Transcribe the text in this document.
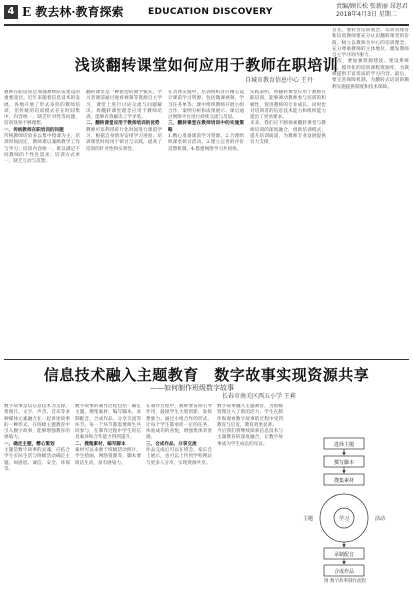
4 E 教去林·教育探索	EDUCATION DISCOVERY
责编/顾长松 张新丽 昂思君
2018年4月3日 星期二
浅谈翻转课堂如何应用于教师在职培训
自城市教育信息中心 王丹
教师在职培训是加强教师队伍建设的重要途径。近年来随着信息技术的发展，各地开展了形式多样的教师培训，但传统的培训模式存在时间集中、内容统一、缺乏针对性等问题，培训效果不够理想。
一、传统教师在职培训的问题
传统教师培训多以集中授课为主，培训时间固定，教师难以兼顾教学工作与学习；培训内容统一，难以满足不同教师的个性化需求；培训方式单一，缺乏互动与反馈。
翻转课堂是一种新型的教学模式，学习者课前通过观看视频等资源自主学习，课堂上进行讨论交流与问题解决。将翻转课堂理念应用于教师培训，能够有效解决工学矛盾。
二、翻转课堂应用于教师培训的优势
教师可以利用碎片化时间进行课前学习，根据自身情况安排学习进度；培训课堂时间用于研讨与实践，提高了培训的针对性和实效性。
在具体实施中，培训组织者应精心设计课前学习资源，包括微课视频、学习任务单等；课中组织教师开展小组合作、案例分析和成果展示；课后通过网络平台进行持续交流与反思。
三、翻转课堂在教师培训中的实施策略
1.精心准备课前学习资源。2.合理组织课堂研讨活动。3.建立完善的评价反馈机制。4.搭建网络学习共同体。
实践表明，将翻转课堂应用于教师在职培训，能够调动教师参与培训的积极性，促进教师的专业成长。同时也对培训者的信息技术能力和组织能力提出了更高要求。
未来，我们应不断探索翻转课堂与教师培训的深度融合，创新培训模式，提升培训质量，为教师专业发展提供有力支撑。
首先，要转变培训观念。培训管理者和培训教师要充分认识翻转课堂的价值，树立以教师为中心的培训理念，充分尊重教师的主体地位，激发教师自主学习的内驱力。
其次，要加强资源建设。建设系统化、模块化的培训课程资源库，为教师提供丰富优质的学习内容。最后，要完善保障机制，为翻转式培训的顺利实施提供制度和技术保障。
信息技术融入主题教育　数字故事实现资源共享
——如何制作班级数字故事
长春市南关区西五小学 王莉
数字故事是以信息技术为支撑，将图片、文字、声音、音乐等多种媒体元素融合在一起讲述故事的一种形式。在班级主题教育中引入数字故事，能够增强教育的感染力。
一、确定主题，精心策划
主题是数字故事的灵魂，应结合学生实际生活与班级活动确定主题，如感恩、诚信、安全、环保等。
数字故事的制作过程包括：确定主题、搜集素材、编写脚本、录制配音、合成作品、分享交流等环节。每一个环节都需要师生共同参与，在制作过程中学生的信息素养和合作能力得到提升。
二、搜集素材，编写脚本
素材可以来源于班级活动照片、学生绘画、网络资源等，脚本要简洁生动，富有感染力。
在制作过程中，教师要发挥引导作用，鼓励学生大胆创新，发挥想象力。通过小组合作的形式，让每个学生都承担一定的任务，体验成功的喜悦，增强集体荣誉感。
三、合成作品，分享交流
作品完成后可以在班会、家长会上展示，也可以上传到学校网站与更多人分享，实现资源共享。
数字故事融入主题教育，为班级管理注入了新的活力。学生在制作和观看数字故事的过程中受到教育与启发，教育效果显著。
今后我们将继续探索信息技术与主题教育的深度融合，让数字故事成为学生成长的见证。	选择主题
撰写脚本
搜集素材
学习
主题	活动
录制配音
合成作品
图 数字故事制作流程
